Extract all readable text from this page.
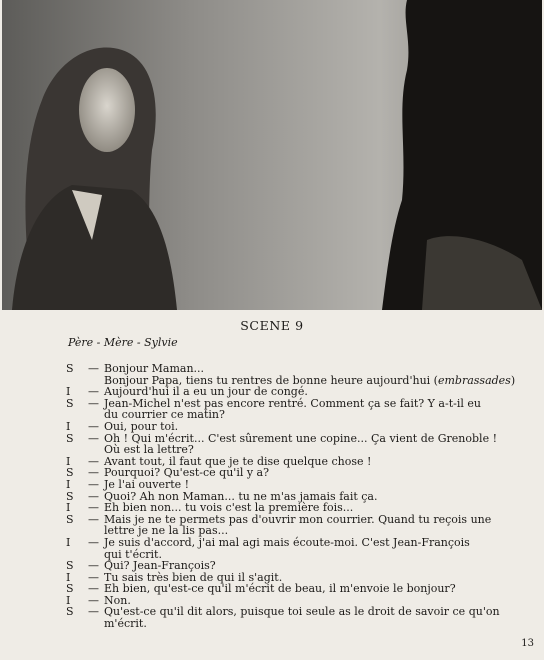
SCENE 9
Père - Mère - Sylvie
S	— Bonjour Maman...
Bonjour Papa, tiens tu rentres de bonne heure aujourd'hui (embrassades)
I	— Aujourd'hui il a eu un jour de congé.
S	— Jean-Michel n'est pas encore rentré. Comment ça se fait? Y a-t-il eu
du courrier ce matin?
I	— Oui, pour toi.
S	— Oh ! Qui m'écrit... C'est sûrement une copine... Ça vient de Grenoble !
Où est la lettre?
I	— Avant tout, il faut que je te dise quelque chose !
S	— Pourquoi? Qu'est-ce qu'il y a?
I	— Je l'ai ouverte !
S	— Quoi? Ah non Maman... tu ne m'as jamais fait ça.
I	— Eh bien non... tu vois c'est la première fois...
S	— Mais je ne te permets pas d'ouvrir mon courrier. Quand tu reçois une
lettre je ne la lis pas...
I	— Je suis d'accord, j'ai mal agi mais écoute-moi. C'est Jean-François
qui t'écrit.
S	— Qui? Jean-François?
I	— Tu sais très bien de qui il s'agit.
S	— Eh bien, qu'est-ce qu'il m'écrit de beau, il m'envoie le bonjour?
I	— Non.
S	— Qu'est-ce qu'il dit alors, puisque toi seule as le droit de savoir ce qu'on
m'écrit.
13
